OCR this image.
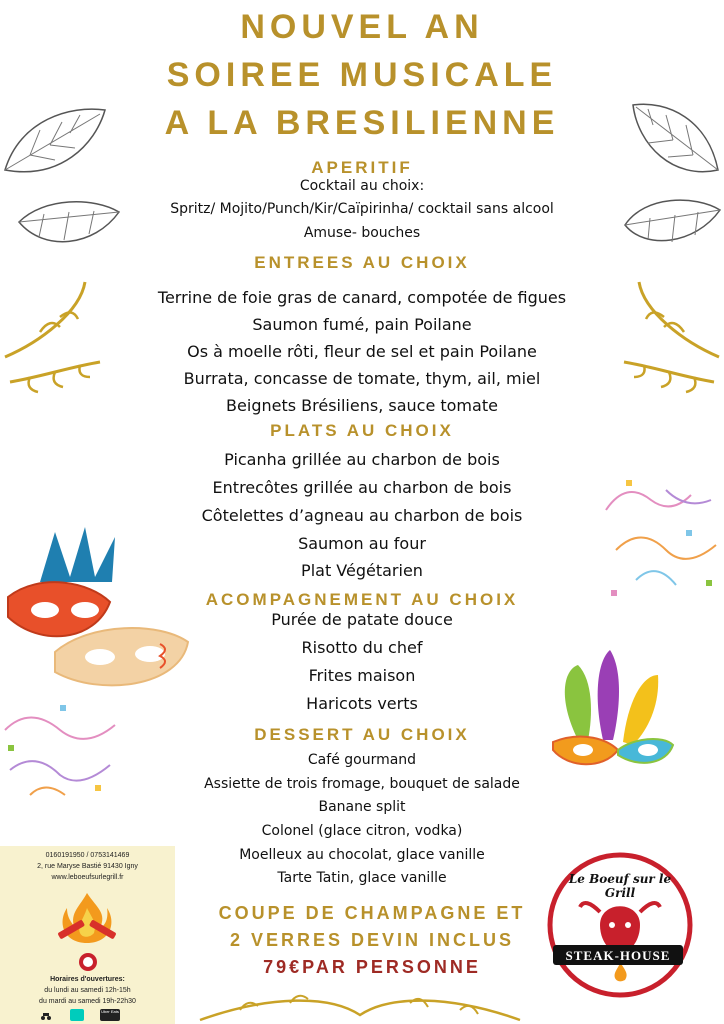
NOUVEL AN
SOIREE MUSICALE
A LA BRESILIENNE
APERITIF
Cocktail au choix:
Spritz/ Mojito/Punch/Kir/Caïpirinha/ cocktail sans alcool
Amuse- bouches
ENTREES AU CHOIX
Terrine de foie gras de canard, compotée de figues
Saumon fumé, pain Poilane
Os à moelle rôti, fleur de sel et pain Poilane
Burrata, concasse de tomate, thym, ail, miel
Beignets Brésiliens, sauce tomate
PLATS AU CHOIX
Picanha grillée au charbon de bois
Entrecôtes grillée au charbon de bois
Côtelettes d’agneau au charbon de bois
Saumon au four
Plat Végétarien
ACOMPAGNEMENT AU CHOIX
Purée de patate douce
Risotto du chef
Frites maison
Haricots verts
DESSERT AU CHOIX
Café gourmand
Assiette de trois fromage, bouquet de salade
Banane split
Colonel (glace citron, vodka)
Moelleux au chocolat, glace vanille
Tarte Tatin, glace vanille
COUPE DE CHAMPAGNE ET
2 VERRES DEVIN INCLUS
79€PAR PERSONNE
0160191950 / 0753141469
2, rue Maryse Bastié 91430 Igny
www.leboeufsurlegrill.fr
Horaires d'ouvertures:
du lundi au samedi 12h-15h
du mardi au samedi 19h-22h30
Uber Eats
Le Boeuf sur le Grill
STEAK-HOUSE
